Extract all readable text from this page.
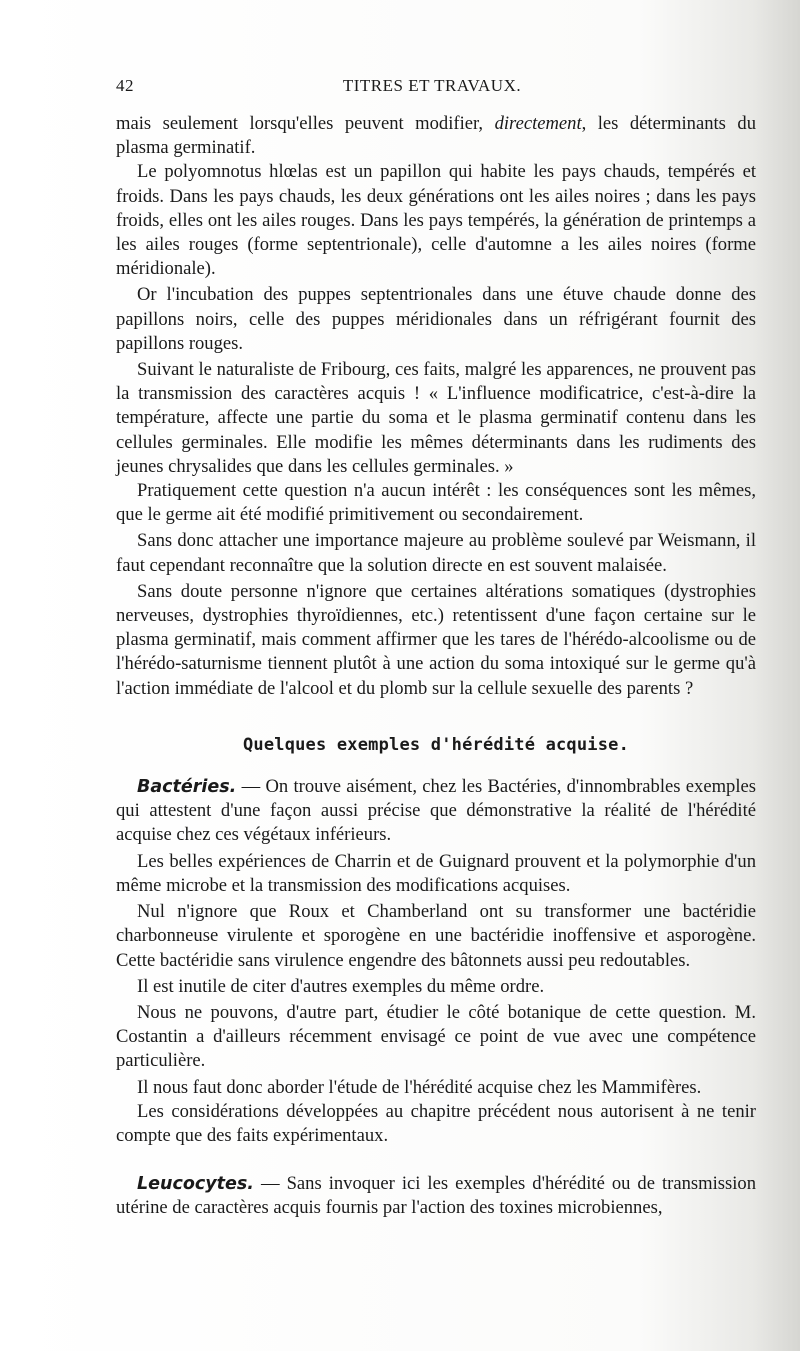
42	TITRES ET TRAVAUX.

mais seulement lorsqu'elles peuvent modifier, directement, les déterminants du plasma germinatif.

Le polyomnotus hlœlas est un papillon qui habite les pays chauds, tempérés et froids. Dans les pays chauds, les deux générations ont les ailes noires ; dans les pays froids, elles ont les ailes rouges. Dans les pays tempérés, la génération de printemps a les ailes rouges (forme septentrionale), celle d'automne a les ailes noires (forme méridionale).

Or l'incubation des puppes septentrionales dans une étuve chaude donne des papillons noirs, celle des puppes méridionales dans un réfrigérant fournit des papillons rouges.

Suivant le naturaliste de Fribourg, ces faits, malgré les apparences, ne prouvent pas la transmission des caractères acquis ! « L'influence modificatrice, c'est-à-dire la température, affecte une partie du soma et le plasma germinatif contenu dans les cellules germinales. Elle modifie les mêmes déterminants dans les rudiments des jeunes chrysalides que dans les cellules germinales. »

Pratiquement cette question n'a aucun intérêt : les conséquences sont les mêmes, que le germe ait été modifié primitivement ou secondairement.

Sans donc attacher une importance majeure au problème soulevé par Weismann, il faut cependant reconnaître que la solution directe en est souvent malaisée.

Sans doute personne n'ignore que certaines altérations somatiques (dystrophies nerveuses, dystrophies thyroïdiennes, etc.) retentissent d'une façon certaine sur le plasma germinatif, mais comment affirmer que les tares de l'hérédo-alcoolisme ou de l'hérédo-saturnisme tiennent plutôt à une action du soma intoxiqué sur le germe qu'à l'action immédiate de l'alcool et du plomb sur la cellule sexuelle des parents ?

Quelques exemples d'hérédité acquise.

Bactéries. — On trouve aisément, chez les Bactéries, d'innombrables exemples qui attestent d'une façon aussi précise que démonstrative la réalité de l'hérédité acquise chez ces végétaux inférieurs.

Les belles expériences de Charrin et de Guignard prouvent et la polymorphie d'un même microbe et la transmission des modifications acquises.

Nul n'ignore que Roux et Chamberland ont su transformer une bactéridie charbonneuse virulente et sporogène en une bactéridie inoffensive et asporogène. Cette bactéridie sans virulence engendre des bâtonnets aussi peu redoutables.

Il est inutile de citer d'autres exemples du même ordre.

Nous ne pouvons, d'autre part, étudier le côté botanique de cette question. M. Costantin a d'ailleurs récemment envisagé ce point de vue avec une compétence particulière.

Il nous faut donc aborder l'étude de l'hérédité acquise chez les Mammifères.

Les considérations développées au chapitre précédent nous autorisent à ne tenir compte que des faits expérimentaux.

Leucocytes. — Sans invoquer ici les exemples d'hérédité ou de transmission utérine de caractères acquis fournis par l'action des toxines microbiennes,
